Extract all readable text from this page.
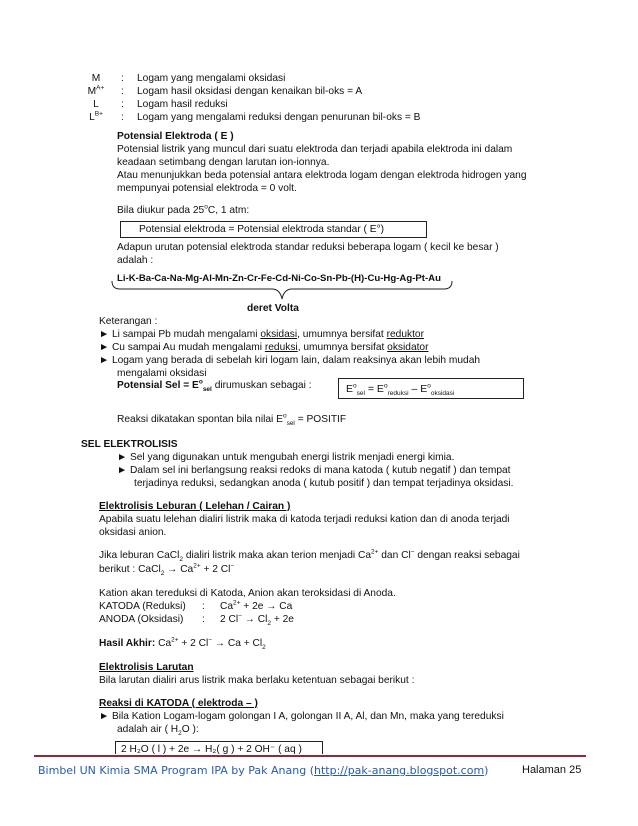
M	: Logam yang mengalami oksidasi
$M^{A+}$	: Logam hasil oksidasi dengan kenaikan bil-oks = A
L	: Logam hasil reduksi
$L^{B+}$	: Logam yang mengalami reduksi dengan penurunan bil-oks = B
Potensial Elektroda ( E )
Potensial listrik yang muncul dari suatu elektroda dan terjadi apabila elektroda ini dalam
keadaan setimbang dengan larutan ion-ionnya.
Atau menunjukkan beda potensial antara elektroda logam dengan elektroda hidrogen yang
mempunyai potensial elektroda = 0 volt.
Bila diukur pada 25$^o$C, 1 atm:
Potensial elektroda = Potensial elektroda standar ( E°)
Adapun urutan potensial elektroda standar reduksi beberapa logam ( kecil ke besar )
adalah :
Li-K-Ba-Ca-Na-Mg-Al-Mn-Zn-Cr-Fe-Cd-Ni-Co-Sn-Pb-(H)-Cu-Hg-Ag-Pt-Au
deret Volta
Keterangan :
► Li sampai Pb mudah mengalami oksidasi, umumnya bersifat reduktor
► Cu sampai Au mudah mengalami reduksi, umumnya bersifat oksidator
► Logam yang berada di sebelah kiri logam lain, dalam reaksinya akan lebih mudah
mengalami oksidasi
Potensial Sel = $E^o_{sel}$ dirumuskan sebagai :	$E^o_{sel} = E^o_{reduksi} - E^o_{oksidasi}$
Reaksi dikatakan spontan bila nilai $E^o_{sel}$ = POSITIF
SEL ELEKTROLISIS
► Sel yang digunakan untuk mengubah energi listrik menjadi energi kimia.
► Dalam sel ini berlangsung reaksi redoks di mana katoda ( kutub negatif ) dan tempat
terjadinya reduksi, sedangkan anoda ( kutub positif ) dan tempat terjadinya oksidasi.
Elektrolisis Leburan ( Lelehan / Cairan )
Apabila suatu lelehan dialiri listrik maka di katoda terjadi reduksi kation dan di anoda terjadi
oksidasi anion.
Jika leburan CaCl$_2$ dialiri listrik maka akan terion menjadi $Ca^{2+}$ dan Cl− dengan reaksi sebagai
berikut : CaCl$_2$ → $Ca^{2+} + 2$ Cl−
Kation akan tereduksi di Katoda, Anion akan teroksidasi di Anoda.
KATODA (Reduksi) : $Ca^{2+} + 2e \to Ca$
ANODA (Oksidasi) : 2 $Cl^- \to Cl_2 + 2e$
Hasil Akhir: $Ca^{2+} + 2$ $Cl^- \to Ca + Cl_2$
Elektrolisis Larutan
Bila larutan dialiri arus listrik maka berlaku ketentuan sebagai berikut :
Reaksi di KATODA ( elektroda – )
► Bila Kation Logam-logam golongan I A, golongan II A, Al, dan Mn, maka yang tereduksi
adalah air ( $H_2O$ ):
2 H₂O ( l ) + 2e → H₂( g ) + 2 OH⁻ ( aq )
Bimbel UN Kimia SMA Program IPA by Pak Anang (http://pak-anang.blogspot.com)	Halaman 25
